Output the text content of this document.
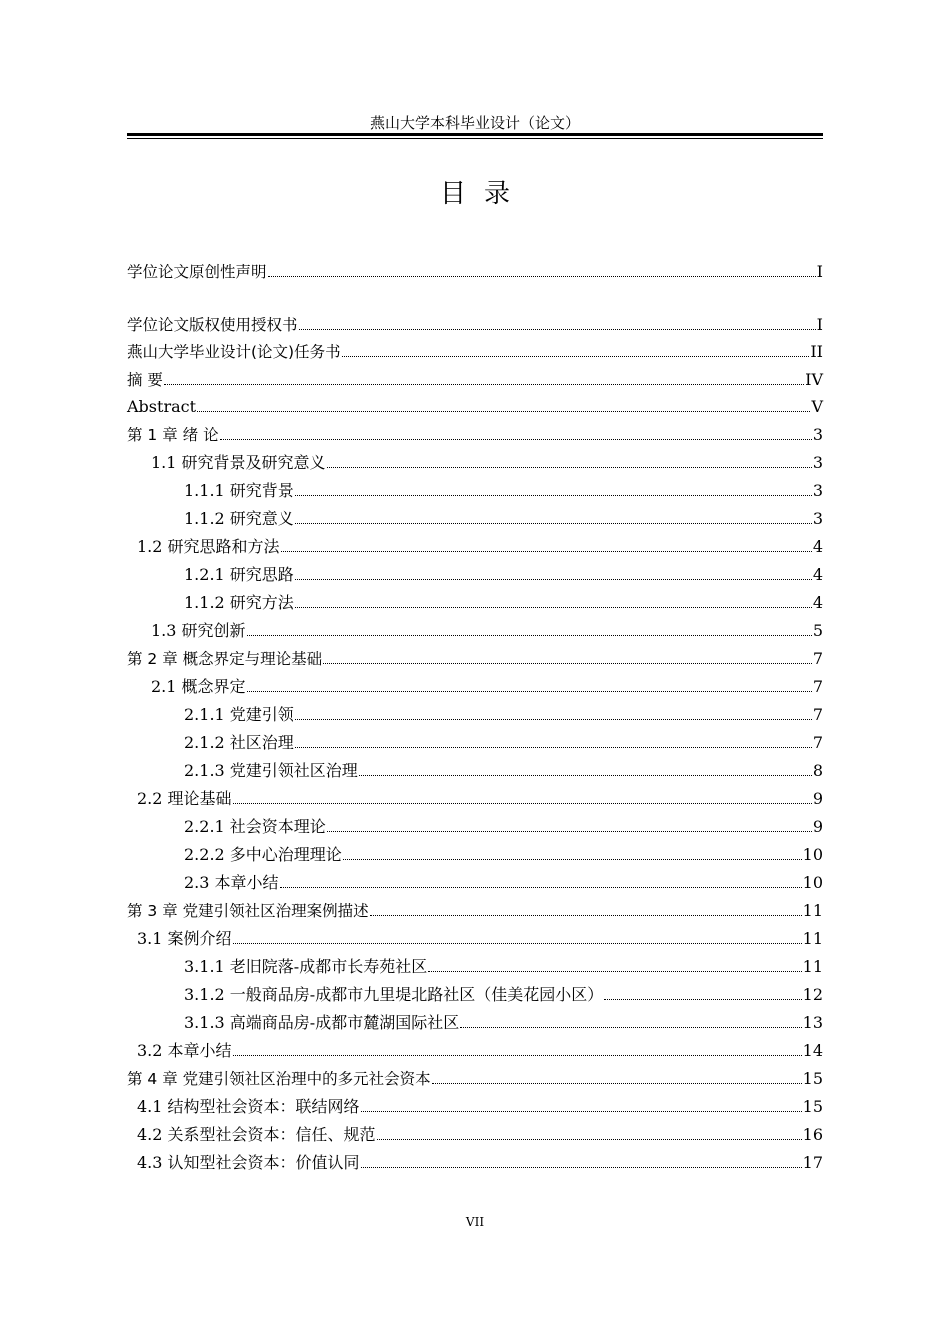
燕山大学本科毕业设计（论文）
目录
学位论文原创性声明	I
学位论文版权使用授权书	I
燕山大学毕业设计(论文)任务书	II
摘 要	IV
Abstract	V
第 1 章 绪 论	3
1.1 研究背景及研究意义	3
1.1.1 研究背景	3
1.1.2 研究意义	3
1.2 研究思路和方法	4
1.2.1 研究思路	4
1.1.2 研究方法	4
1.3 研究创新	5
第 2 章 概念界定与理论基础	7
2.1 概念界定	7
2.1.1 党建引领	7
2.1.2 社区治理	7
2.1.3 党建引领社区治理	8
2.2 理论基础	9
2.2.1 社会资本理论	9
2.2.2 多中心治理理论	10
2.3 本章小结	10
第 3 章 党建引领社区治理案例描述	11
3.1 案例介绍	11
3.1.1 老旧院落-成都市长寿苑社区	11
3.1.2 一般商品房-成都市九里堤北路社区（佳美花园小区）	12
3.1.3 高端商品房-成都市麓湖国际社区	13
3.2 本章小结	14
第 4 章 党建引领社区治理中的多元社会资本	15
4.1 结构型社会资本：联结网络	15
4.2 关系型社会资本：信任、规范	16
4.3 认知型社会资本：价值认同	17
VII
